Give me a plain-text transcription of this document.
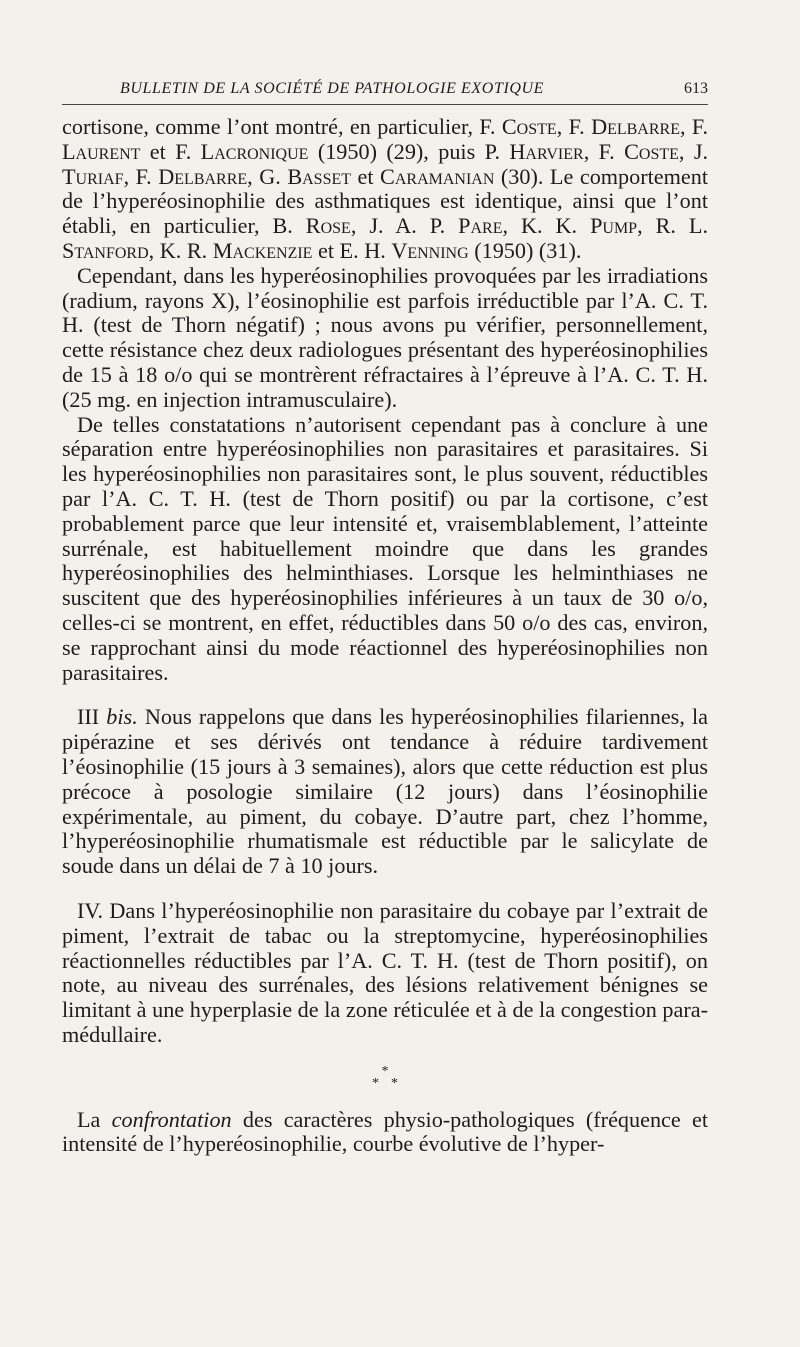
BULLETIN DE LA SOCIÉTÉ DE PATHOLOGIE EXOTIQUE	613

cortisone, comme l’ont montré, en particulier, F. Coste, F. Delbarre, F. Laurent et F. Lacronique (1950) (29), puis P. Harvier, F. Coste, J. Turiaf, F. Delbarre, G. Basset et Caramanian (30). Le comportement de l’hyperéosinophilie des asthmatiques est identique, ainsi que l’ont établi, en particulier, B. Rose, J. A. P. Pare, K. K. Pump, R. L. Stanford, K. R. Mackenzie et E. H. Venning (1950) (31).

Cependant, dans les hyperéosinophilies provoquées par les irradiations (radium, rayons X), l’éosinophilie est parfois irréductible par l’A. C. T. H. (test de Thorn négatif) ; nous avons pu vérifier, personnellement, cette résistance chez deux radiologues présentant des hyperéosinophilies de 15 à 18 o/o qui se montrèrent réfractaires à l’épreuve à l’A. C. T. H. (25 mg. en injection intramusculaire).

De telles constatations n’autorisent cependant pas à conclure à une séparation entre hyperéosinophilies non parasitaires et parasitaires. Si les hyperéosinophilies non parasitaires sont, le plus souvent, réductibles par l’A. C. T. H. (test de Thorn positif) ou par la cortisone, c’est probablement parce que leur intensité et, vraisemblablement, l’atteinte surrénale, est habituellement moindre que dans les grandes hyperéosinophilies des helminthiases. Lorsque les helminthiases ne suscitent que des hyperéosinophilies inférieures à un taux de 30 o/o, celles-ci se montrent, en effet, réductibles dans 50 o/o des cas, environ, se rapprochant ainsi du mode réactionnel des hyperéosinophilies non parasitaires.

III bis. Nous rappelons que dans les hyperéosinophilies filariennes, la pipérazine et ses dérivés ont tendance à réduire tardivement l’éosinophilie (15 jours à 3 semaines), alors que cette réduction est plus précoce à posologie similaire (12 jours) dans l’éosinophilie expérimentale, au piment, du cobaye. D’autre part, chez l’homme, l’hyperéosinophilie rhumatismale est réductible par le salicylate de soude dans un délai de 7 à 10 jours.

IV. Dans l’hyperéosinophilie non parasitaire du cobaye par l’extrait de piment, l’extrait de tabac ou la streptomycine, hyperéosinophilies réactionnelles réductibles par l’A. C. T. H. (test de Thorn positif), on note, au niveau des surrénales, des lésions relativement bénignes se limitant à une hyperplasie de la zone réticulée et à de la congestion para-médullaire.

*
* *

La confrontation des caractères physio-pathologiques (fréquence et intensité de l’hyperéosinophilie, courbe évolutive de l’hyper-
